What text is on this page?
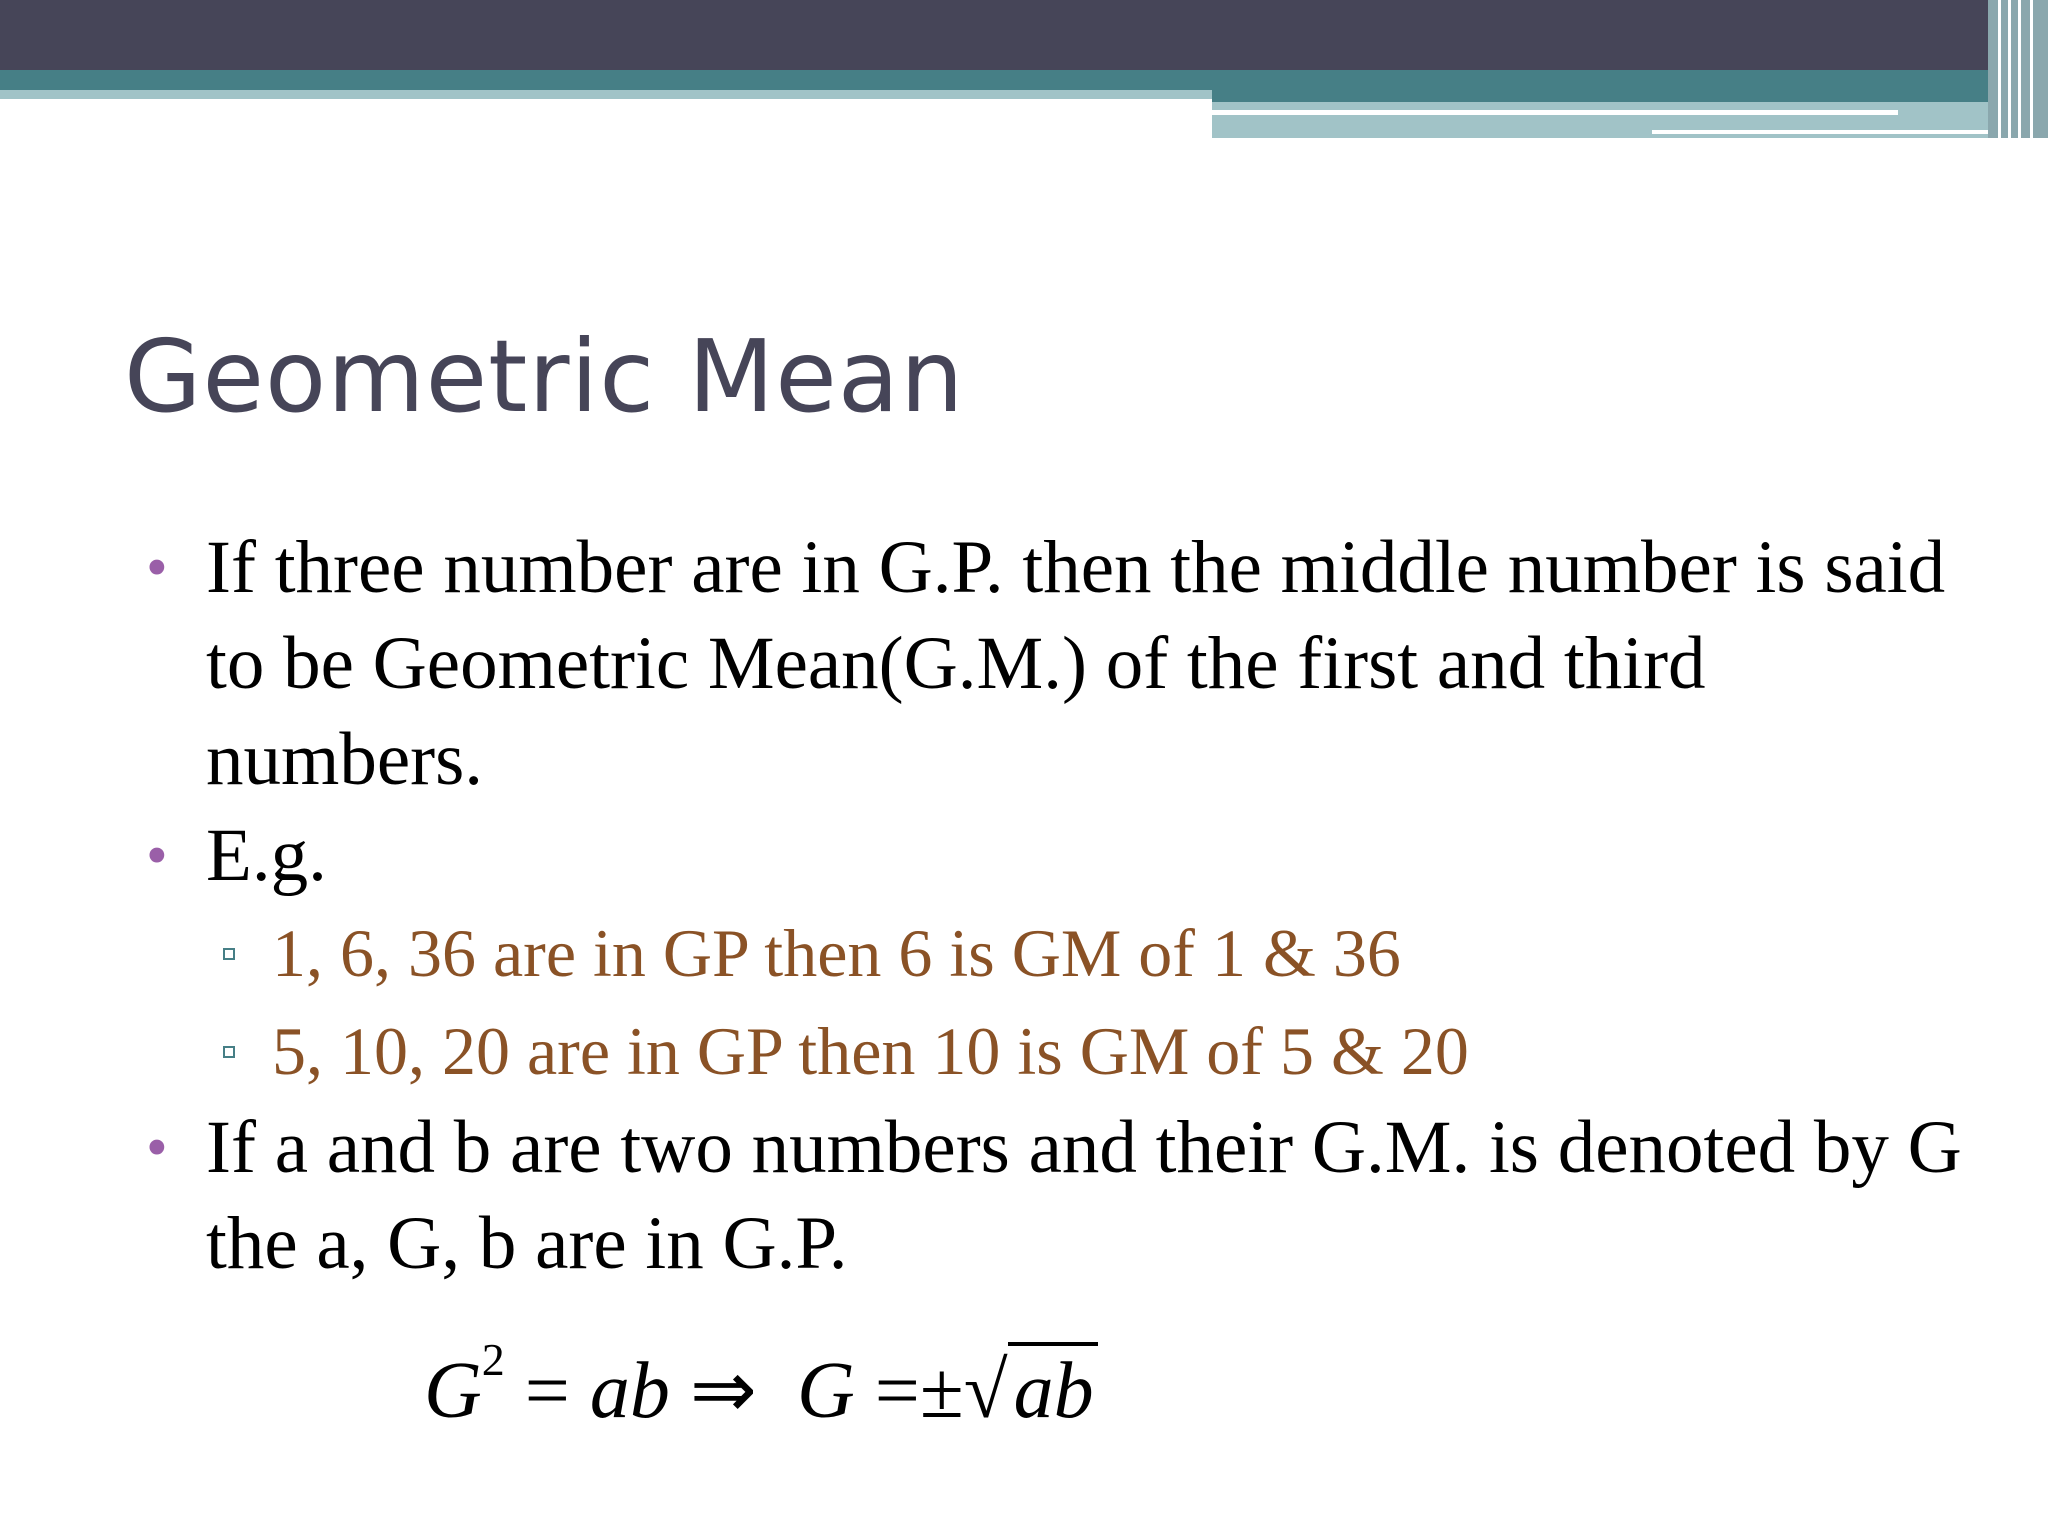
Geometric Mean
• If three number are in G.P. then the middle number is said to be Geometric Mean(G.M.) of the first and third numbers.
• E.g.
1, 6, 36 are in GP then 6 is GM of 1 & 36
5, 10, 20 are in GP then 10 is GM of 5 & 20
• If a and b are two numbers and their G.M. is denoted by G the a, G, b are in G.P.
$G^2$ = ab ⇒ G =±√ab
